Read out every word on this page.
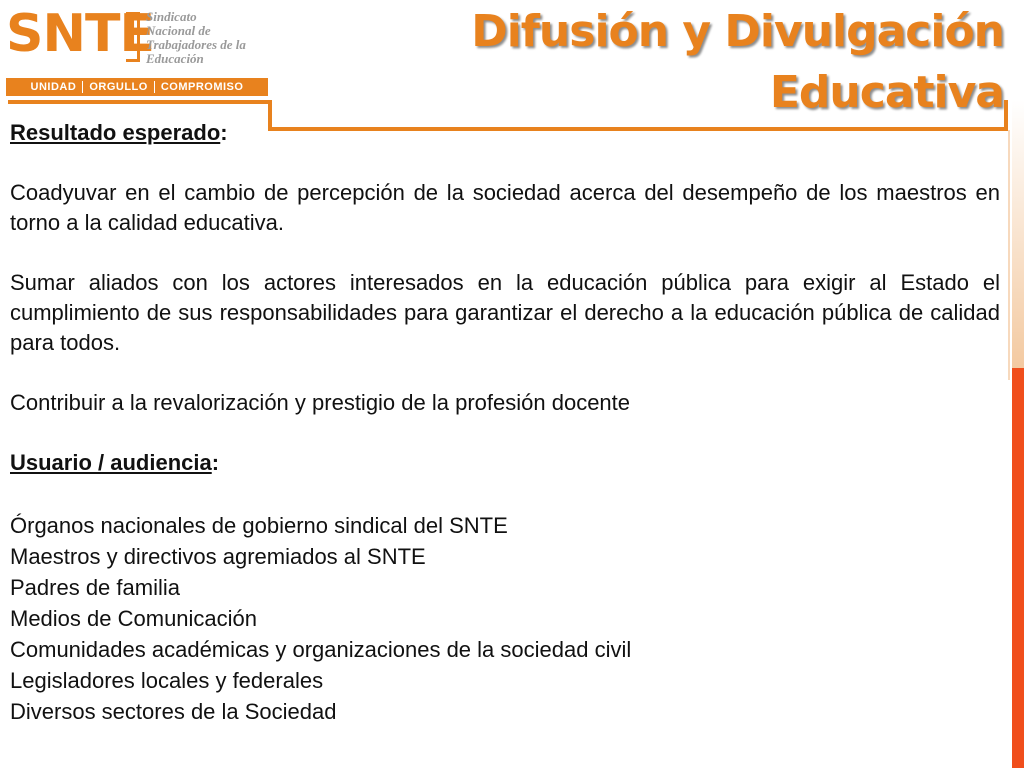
SNTE
Sindicato
Nacional de
Trabajadores de la
Educación
UNIDAD ORGULLO COMPROMISO
Difusión y Divulgación
Educativa
Resultado esperado:
Coadyuvar en el cambio de percepción de la sociedad acerca del desempeño de los maestros en torno a la calidad educativa.
Sumar aliados con los actores interesados en la educación pública para exigir al Estado el cumplimiento de sus responsabilidades para garantizar el derecho a la educación pública de calidad para todos.
Contribuir a la revalorización y prestigio de la profesión docente
Usuario / audiencia:
Órganos nacionales de gobierno sindical del SNTE
Maestros y directivos agremiados al SNTE
Padres de familia
Medios de Comunicación
Comunidades académicas y organizaciones de la sociedad civil
Legisladores locales y federales
Diversos sectores de la Sociedad
